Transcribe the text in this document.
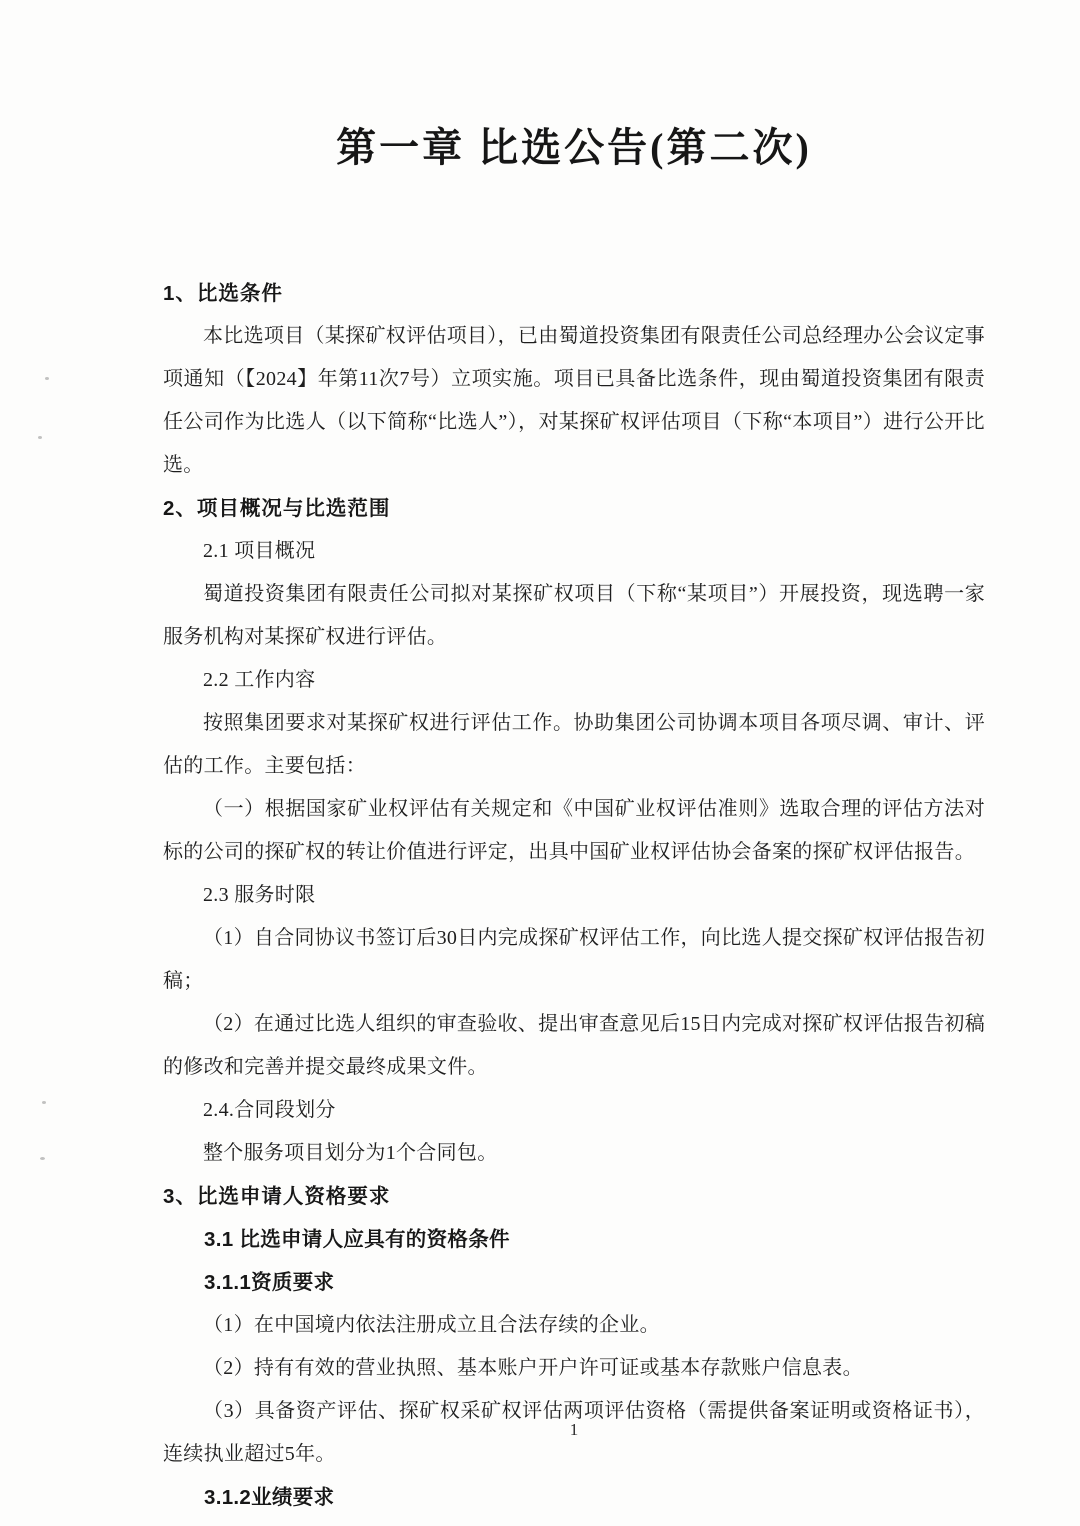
第一章 比选公告(第二次)
1、比选条件
本比选项目（某探矿权评估项目），已由蜀道投资集团有限责任公司总经理办公会议定事项通知（【2024】年第11次7号）立项实施。项目已具备比选条件，现由蜀道投资集团有限责任公司作为比选人（以下简称“比选人”），对某探矿权评估项目（下称“本项目”）进行公开比选。
2、项目概况与比选范围
2.1 项目概况
蜀道投资集团有限责任公司拟对某探矿权项目（下称“某项目”）开展投资，现选聘一家服务机构对某探矿权进行评估。
2.2 工作内容
按照集团要求对某探矿权进行评估工作。协助集团公司协调本项目各项尽调、审计、评估的工作。主要包括：
（一）根据国家矿业权评估有关规定和《中国矿业权评估准则》选取合理的评估方法对标的公司的探矿权的转让价值进行评定，出具中国矿业权评估协会备案的探矿权评估报告。
2.3 服务时限
（1）自合同协议书签订后30日内完成探矿权评估工作，向比选人提交探矿权评估报告初稿；
（2）在通过比选人组织的审查验收、提出审查意见后15日内完成对探矿权评估报告初稿的修改和完善并提交最终成果文件。
2.4.合同段划分
整个服务项目划分为1个合同包。
3、比选申请人资格要求
3.1 比选申请人应具有的资格条件
3.1.1资质要求
（1）在中国境内依法注册成立且合法存续的企业。
（2）持有有效的营业执照、基本账户开户许可证或基本存款账户信息表。
（3）具备资产评估、探矿权采矿权评估两项评估资格（需提供备案证明或资格证书），连续执业超过5年。
3.1.2业绩要求
1
